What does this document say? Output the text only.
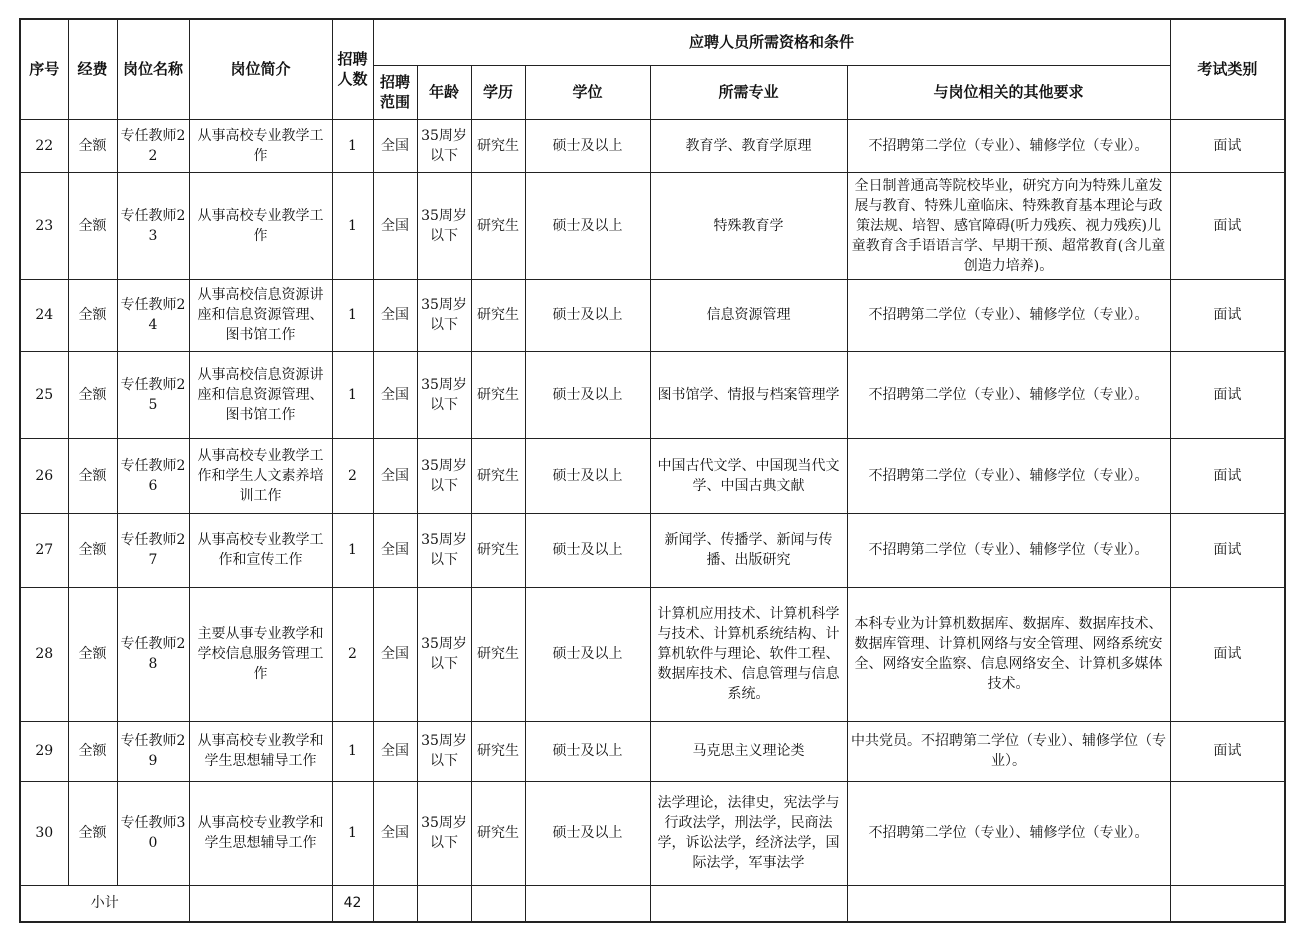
序号	经费	岗位名称	岗位简介	招聘人数	应聘人员所需资格和条件						考试类别
					招聘范围	年龄	学历	学位	所需专业	与岗位相关的其他要求	
22	全额	专任教师22	从事高校专业教学工作	1	全国	35周岁以下	研究生	硕士及以上	教育学、教育学原理	不招聘第二学位（专业）、辅修学位（专业）。	面试
23	全额	专任教师23	从事高校专业教学工作	1	全国	35周岁以下	研究生	硕士及以上	特殊教育学	全日制普通高等院校毕业，研究方向为特殊儿童发展与教育、特殊儿童临床、特殊教育基本理论与政策法规、培智、感官障碍(听力残疾、视力残疾)儿童教育含手语语言学、早期干预、超常教育(含儿童创造力培养)。	面试
24	全额	专任教师24	从事高校信息资源讲座和信息资源管理、图书馆工作	1	全国	35周岁以下	研究生	硕士及以上	信息资源管理	不招聘第二学位（专业）、辅修学位（专业）。	面试
25	全额	专任教师25	从事高校信息资源讲座和信息资源管理、图书馆工作	1	全国	35周岁以下	研究生	硕士及以上	图书馆学、情报与档案管理学	不招聘第二学位（专业）、辅修学位（专业）。	面试
26	全额	专任教师26	从事高校专业教学工作和学生人文素养培训工作	2	全国	35周岁以下	研究生	硕士及以上	中国古代文学、中国现当代文学、中国古典文献	不招聘第二学位（专业）、辅修学位（专业）。	面试
27	全额	专任教师27	从事高校专业教学工作和宣传工作	1	全国	35周岁以下	研究生	硕士及以上	新闻学、传播学、新闻与传播、出版研究	不招聘第二学位（专业）、辅修学位（专业）。	面试
28	全额	专任教师28	主要从事专业教学和学校信息服务管理工作	2	全国	35周岁以下	研究生	硕士及以上	计算机应用技术、计算机科学与技术、计算机系统结构、计算机软件与理论、软件工程、数据库技术、信息管理与信息系统。	本科专业为计算机数据库、数据库、数据库技术、数据库管理、计算机网络与安全管理、网络系统安全、网络安全监察、信息网络安全、计算机多媒体技术。	面试
29	全额	专任教师29	从事高校专业教学和学生思想辅导工作	1	全国	35周岁以下	研究生	硕士及以上	马克思主义理论类	中共党员。不招聘第二学位（专业）、辅修学位（专业）。	面试
30	全额	专任教师30	从事高校专业教学和学生思想辅导工作	1	全国	35周岁以下	研究生	硕士及以上	法学理论，法律史，宪法学与行政法学，刑法学，民商法学，诉讼法学，经济法学，国际法学，军事法学	不招聘第二学位（专业）、辅修学位（专业）。	
小计				42							
